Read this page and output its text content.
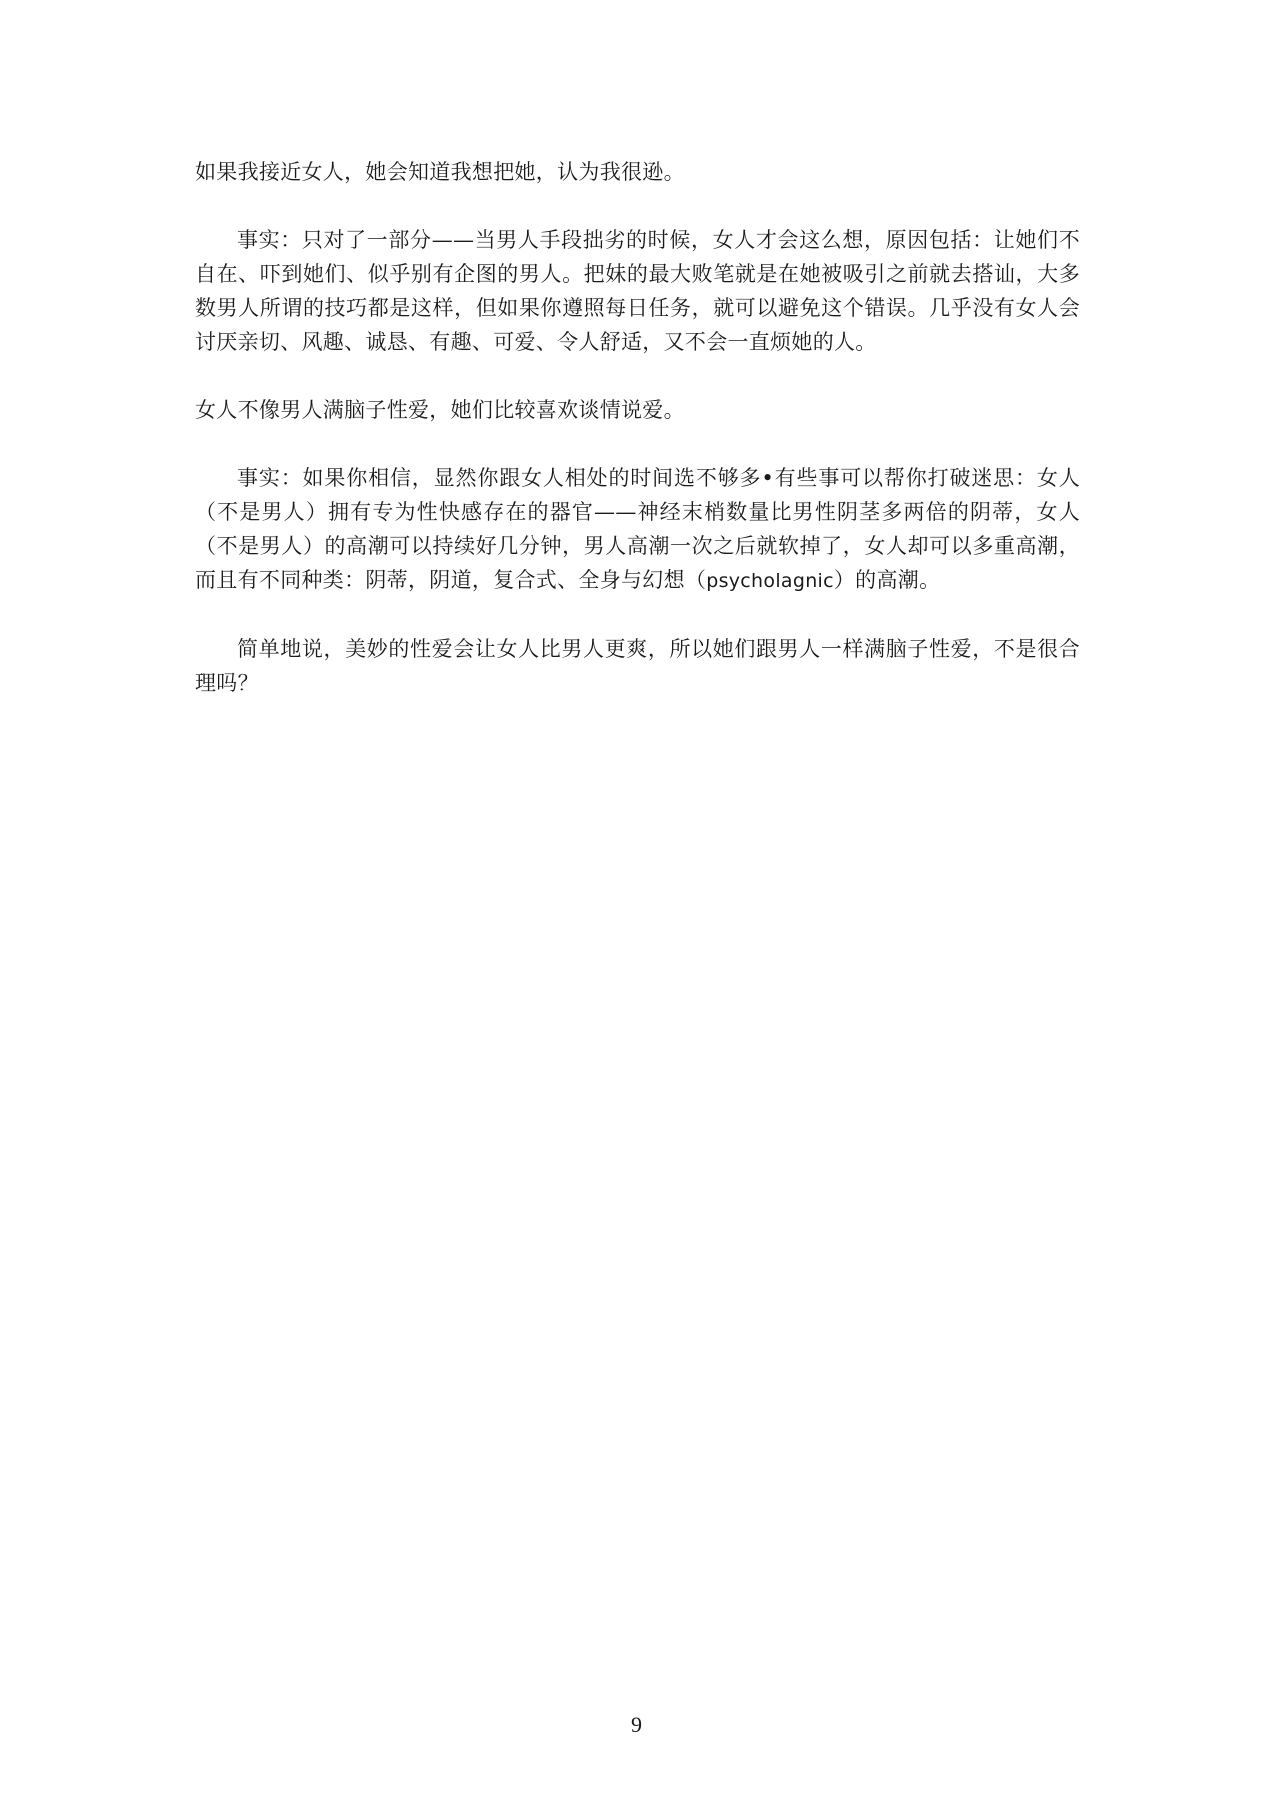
如果我接近女人，她会知道我想把她，认为我很逊。

事实：只对了一部分——当男人手段拙劣的时候，女人才会这么想，原因包括：让她们不自在、吓到她们、似乎别有企图的男人。把妹的最大败笔就是在她被吸引之前就去搭讪，大多数男人所谓的技巧都是这样，但如果你遵照每日任务，就可以避免这个错误。几乎没有女人会讨厌亲切、风趣、诚恳、有趣、可爱、令人舒适，又不会一直烦她的人。

女人不像男人满脑子性爱，她们比较喜欢谈情说爱。

事实：如果你相信，显然你跟女人相处的时间选不够多•有些事可以帮你打破迷思：女人（不是男人）拥有专为性快感存在的器官——神经末梢数量比男性阴茎多两倍的阴蒂，女人（不是男人）的高潮可以持续好几分钟，男人高潮一次之后就软掉了，女人却可以多重高潮，而且有不同种类：阴蒂，阴道，复合式、全身与幻想（psycholagnic）的高潮。

简单地说，美妙的性爱会让女人比男人更爽，所以她们跟男人一样满脑子性爱，不是很合理吗？

9
